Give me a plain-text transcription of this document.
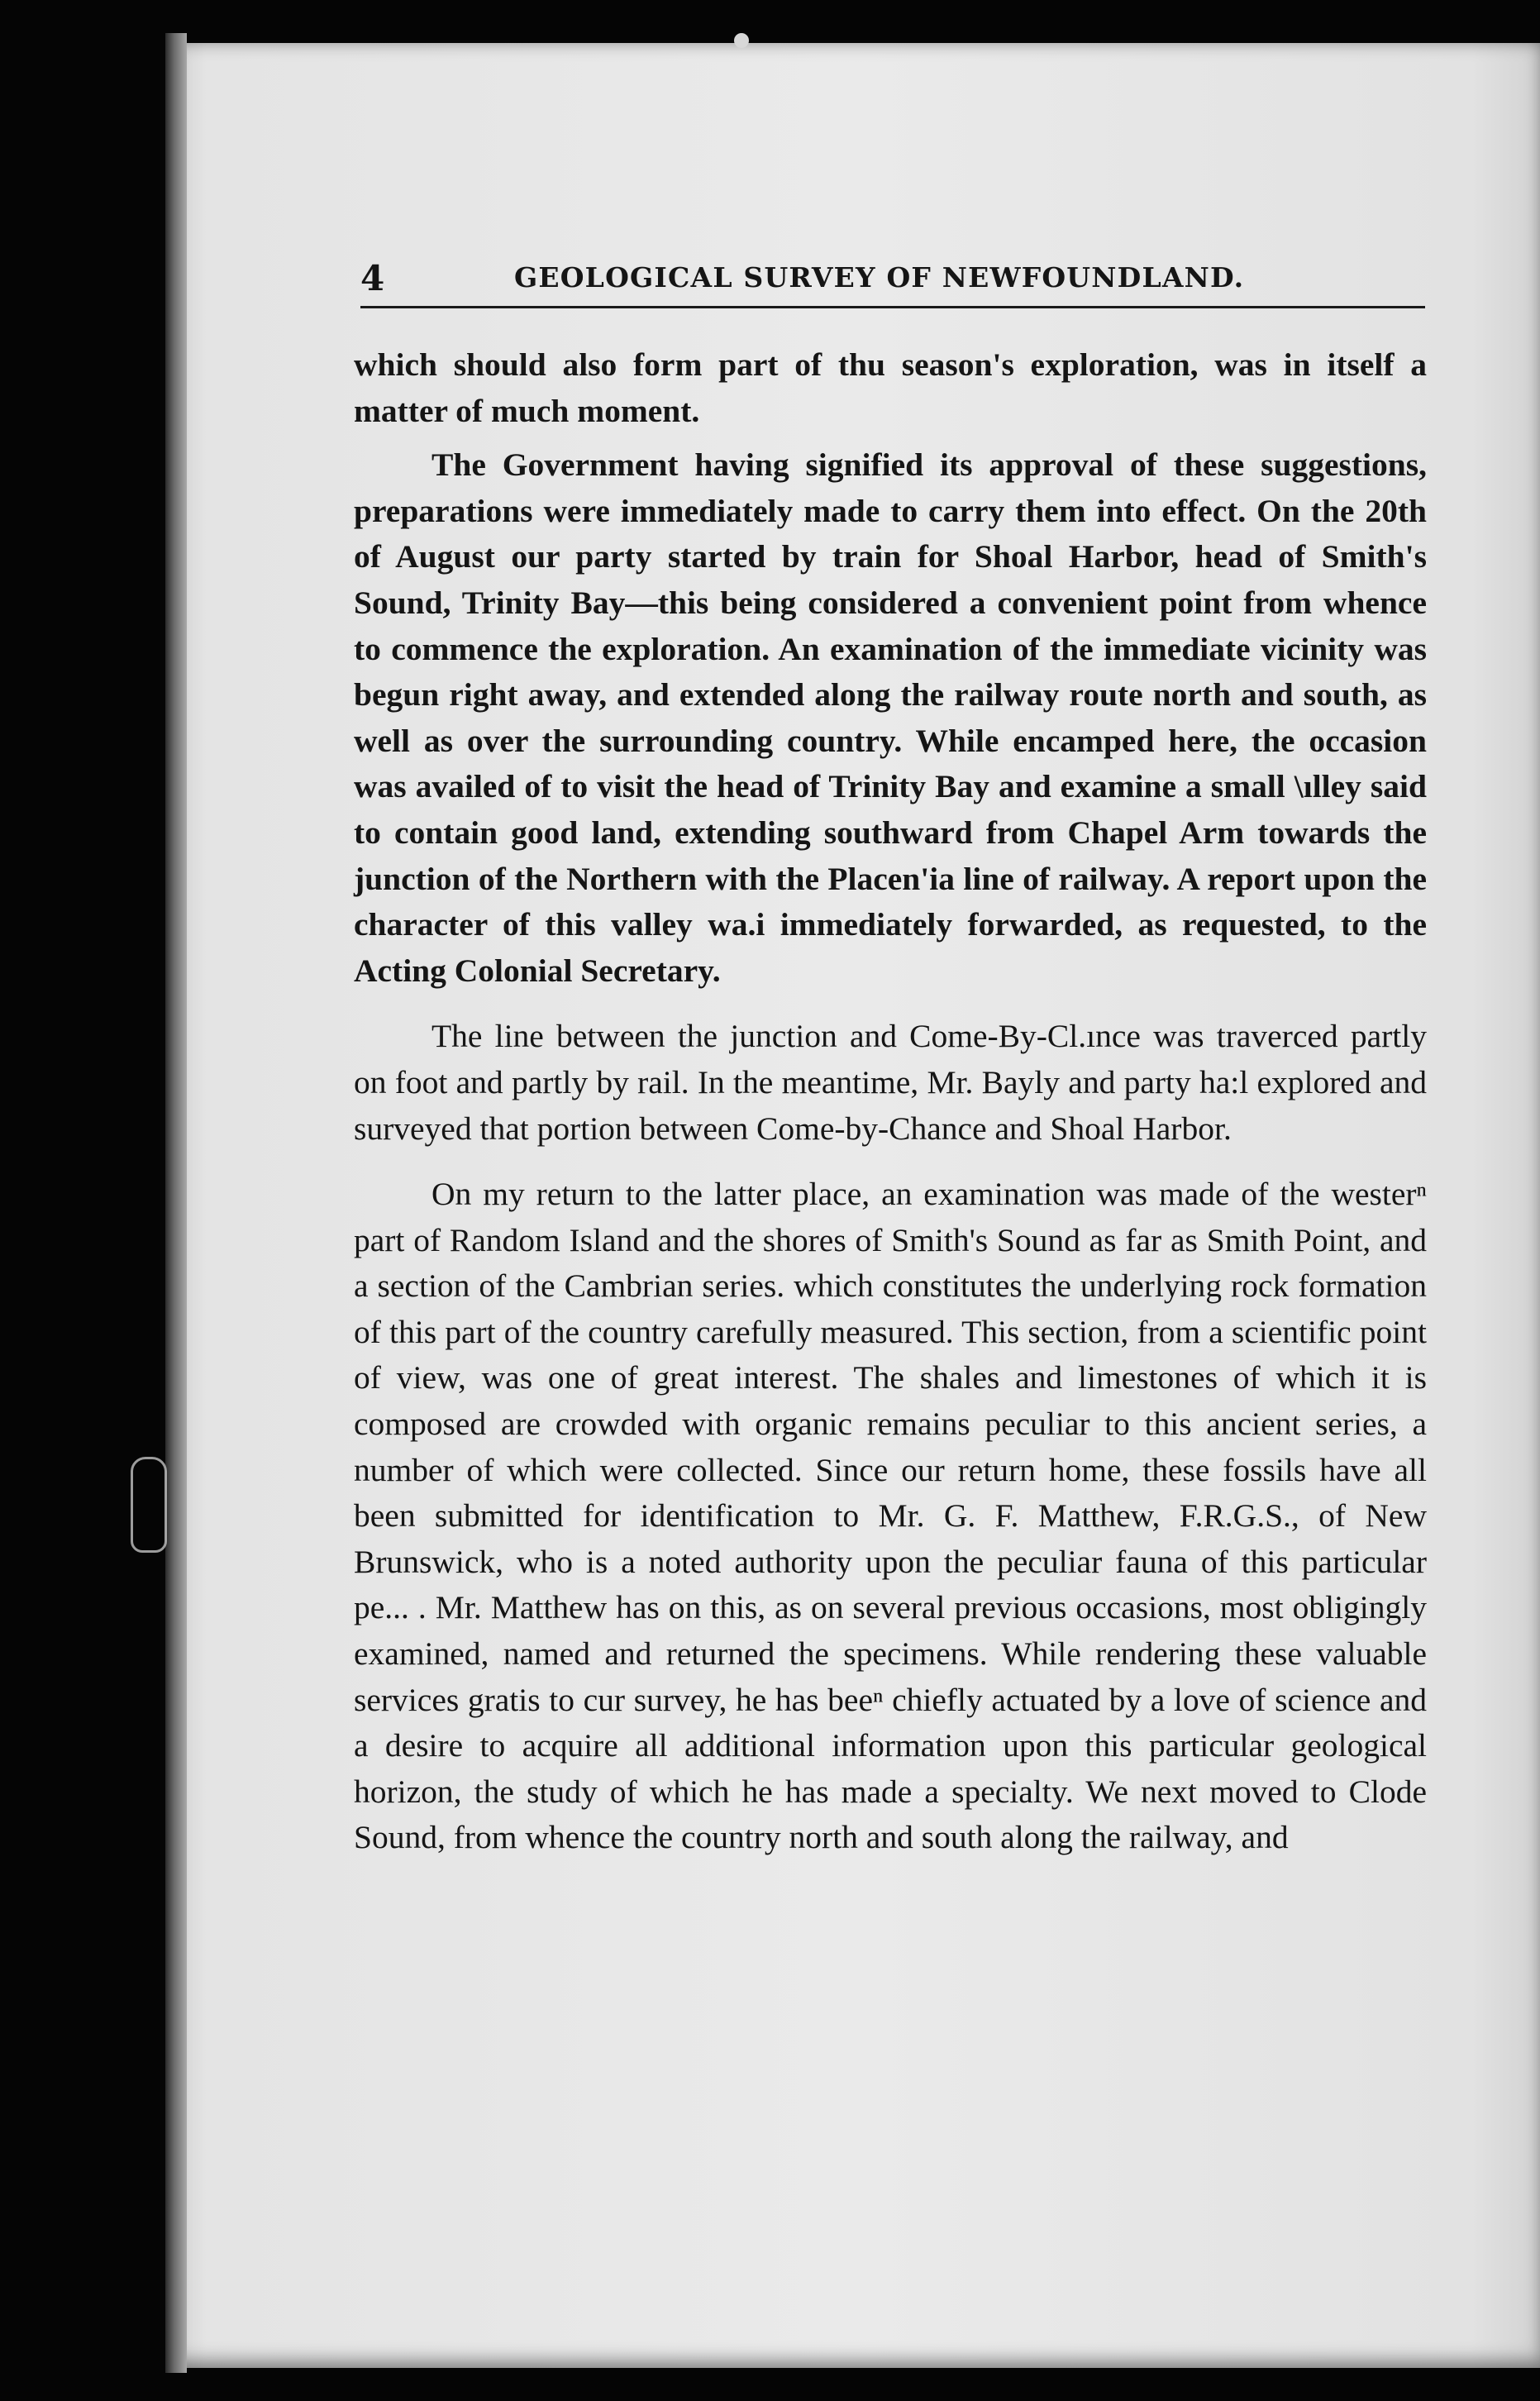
4	GEOLOGICAL SURVEY OF NEWFOUNDLAND.

which should also form part of thu season's exploration, was in itself a matter of much moment.

The Government having signified its approval of these suggestions, preparations were immediately made to carry them into effect. On the 20th of August our party started by train for Shoal Harbor, head of Smith's Sound, Trinity Bay—this being considered a convenient point from whence to commence the exploration. An examination of the immediate vicinity was begun right away, and extended along the railway route north and south, as well as over the surrounding country. While encamped here, the occasion was availed of to visit the head of Trinity Bay and examine a small \ılley said to contain good land, extending southward from Chapel Arm towards the junction of the Northern with the Placen'ia line of railway. A report upon the character of this valley wa.i immediately forwarded, as requested, to the Acting Colonial Secretary.

The line between the junction and Come-By-Cl.ınce was traverced partly on foot and partly by rail. In the meantime, Mr. Bayly and party ha:l explored and surveyed that portion between Come-by-Chance and Shoal Harbor.

On my return to the latter place, an examination was made of the westerⁿ part of Random Island and the shores of Smith's Sound as far as Smith Point, and a section of the Cambrian series. which constitutes the underlying rock formation of this part of the country carefully measured. This section, from a scientific point of view, was one of great interest. The shales and limestones of which it is composed are crowded with organic remains peculiar to this ancient series, a number of which were collected. Since our return home, these fossils have all been submitted for identification to Mr. G. F. Matthew, F.R.G.S., of New Brunswick, who is a noted authority upon the peculiar fauna of this particular pe... . Mr. Matthew has on this, as on several previous occasions, most obligingly examined, named and returned the specimens. While rendering these valuable services gratis to cur survey, he has beeⁿ chiefly actuated by a love of science and a desire to acquire all additional information upon this particular geological horizon, the study of which he has made a specialty. We next moved to Clode Sound, from whence the country north and south along the railway, and
